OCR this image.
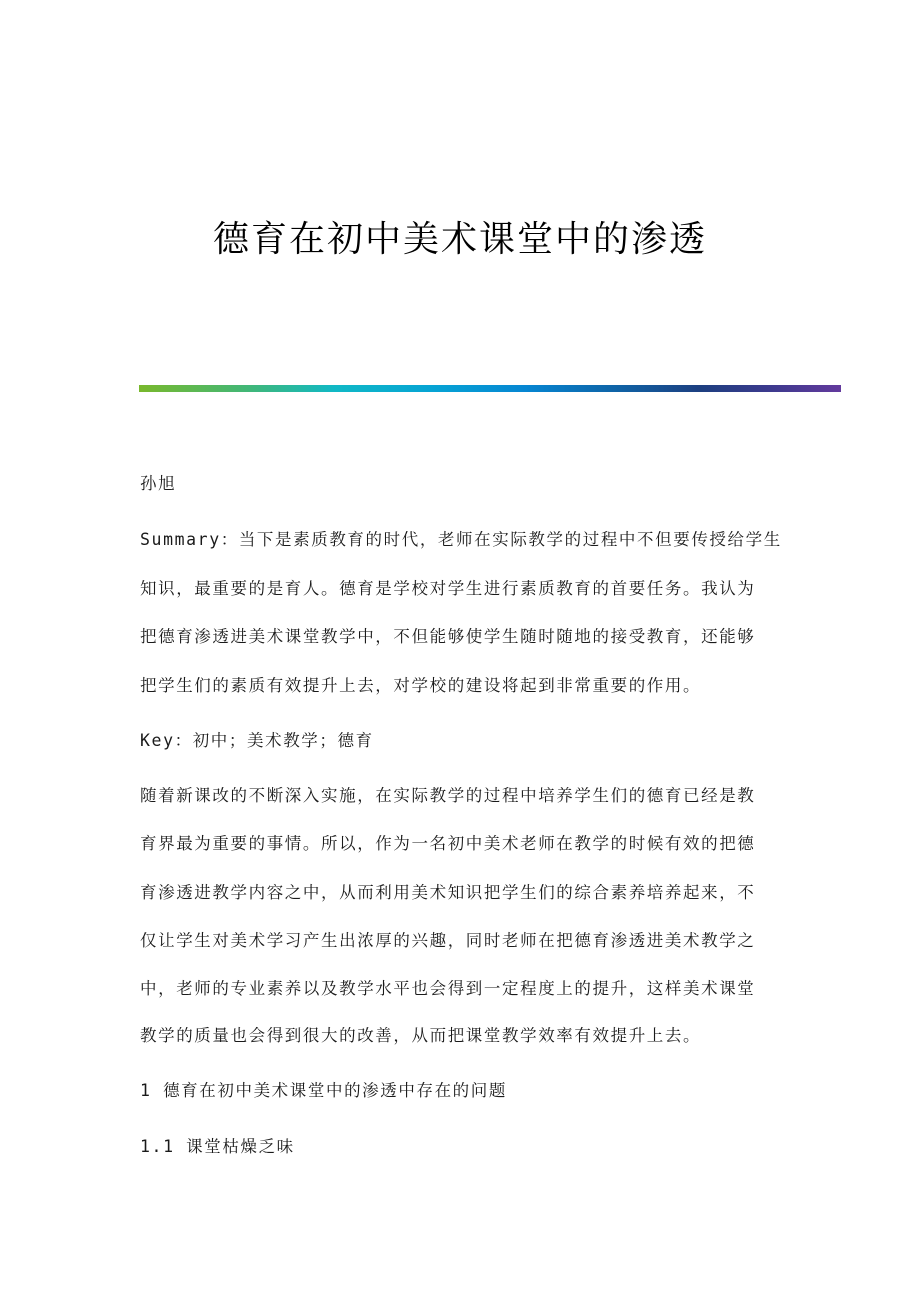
德育在初中美术课堂中的渗透
孙旭
Summary：当下是素质教育的时代，老师在实际教学的过程中不但要传授给学生
知识，最重要的是育人。德育是学校对学生进行素质教育的首要任务。我认为
把德育渗透进美术课堂教学中，不但能够使学生随时随地的接受教育，还能够
把学生们的素质有效提升上去，对学校的建设将起到非常重要的作用。
Key：初中；美术教学；德育
随着新课改的不断深入实施，在实际教学的过程中培养学生们的德育已经是教
育界最为重要的事情。所以，作为一名初中美术老师在教学的时候有效的把德
育渗透进教学内容之中，从而利用美术知识把学生们的综合素养培养起来，不
仅让学生对美术学习产生出浓厚的兴趣，同时老师在把德育渗透进美术教学之
中，老师的专业素养以及教学水平也会得到一定程度上的提升，这样美术课堂
教学的质量也会得到很大的改善，从而把课堂教学效率有效提升上去。
1 德育在初中美术课堂中的渗透中存在的问题
1.1 课堂枯燥乏味
